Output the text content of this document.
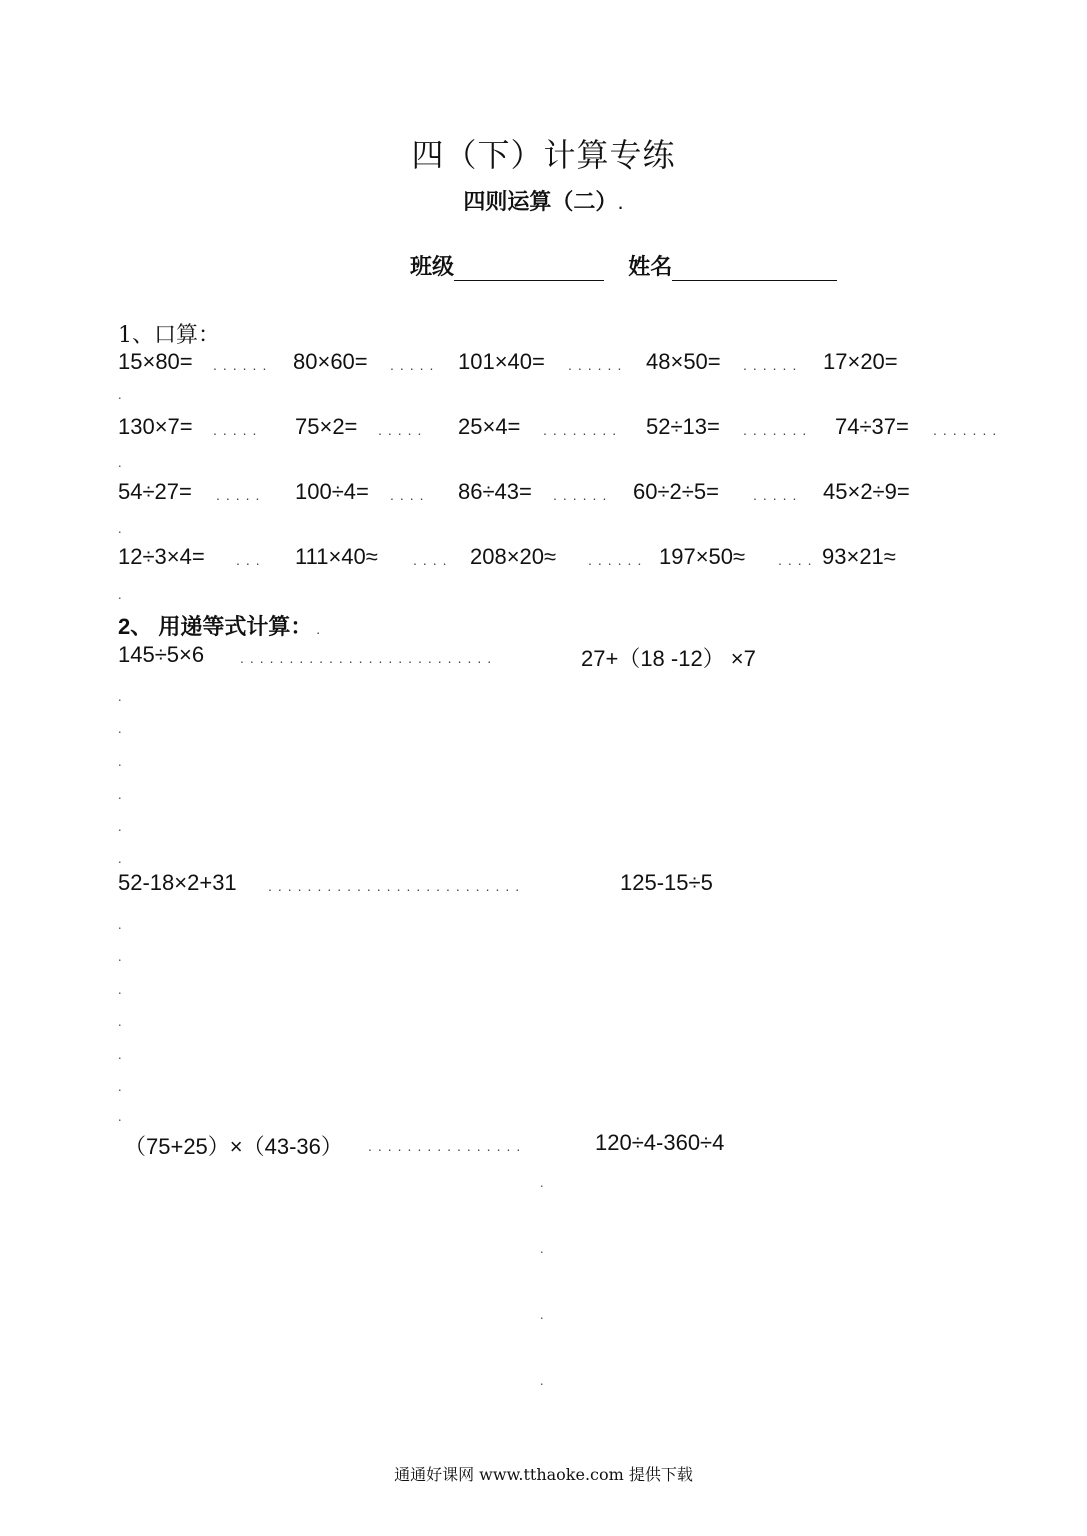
四（下）计算专练
四则运算（二）.
班级	姓名
1、口算：
15×80= ...... 80×60= ..... 101×40= ...... 48×50= ...... 17×20=
.
130×7= ..... 75×2= ..... 25×4= ........ 52÷13= ....... 74÷37= .......
.
54÷27= ..... 100÷4= .... 86÷43= ...... 60÷2÷5= ..... 45×2÷9=
.
12÷3×4= ... 111×40≈	.... 208×20≈ ...... 197×50≈ .... 93×21≈
.
2、 用递等式计算： .
145÷5×6	..........................	27+（18 -12） ×7
.
.
.
.
.
.
52-18×2+31 ..........................	125-15÷5
.
.
.
.
.
.
.
（75+25）×（43-36） ................	120÷4-360÷4
.
.
.
.
通通好课网 www.tthaoke.com 提供下载
